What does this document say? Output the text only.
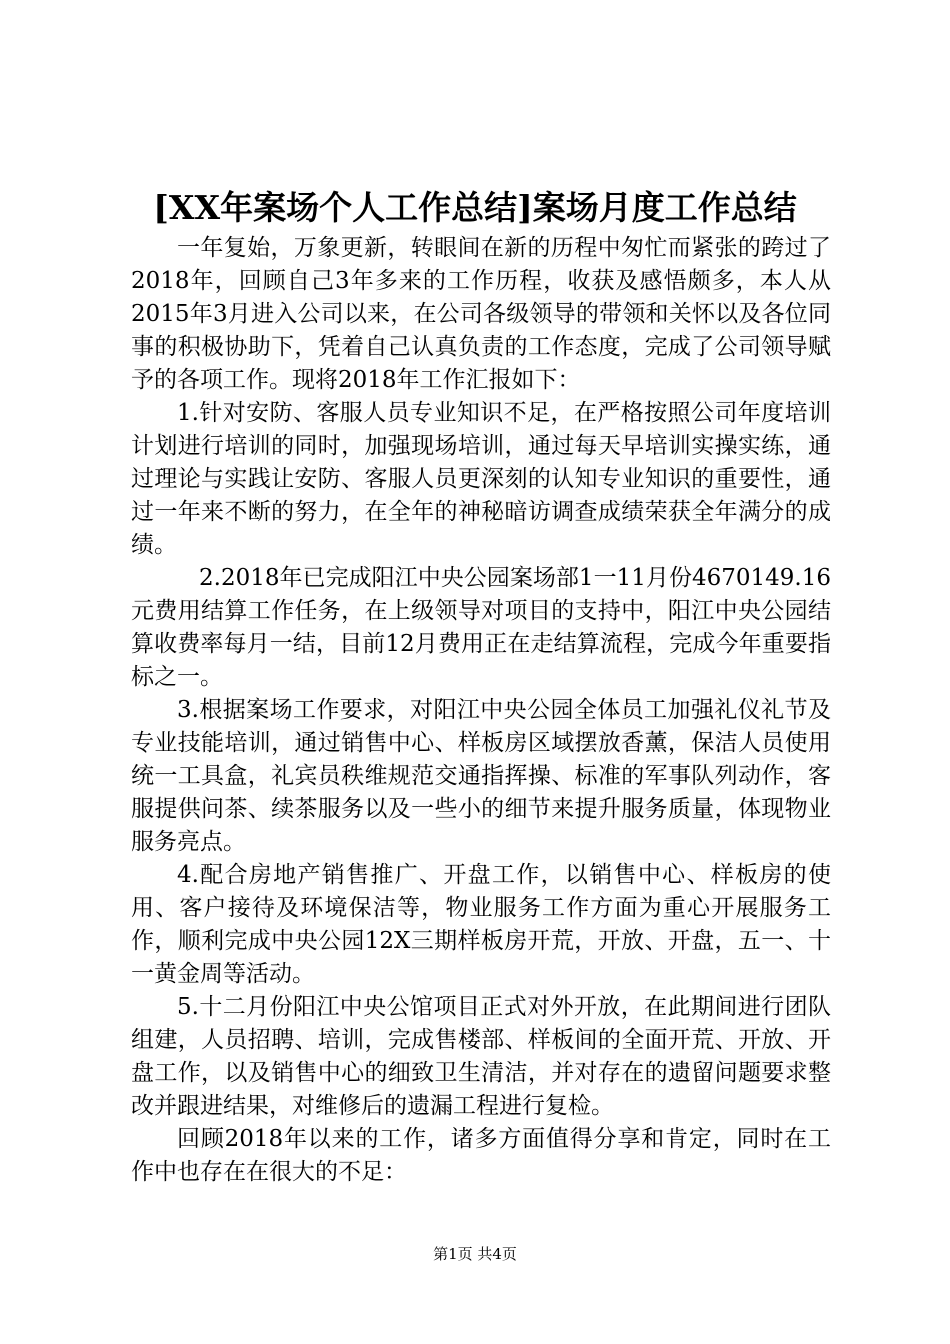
[XX年案场个人工作总结]案场月度工作总结

一年复始，万象更新，转眼间在新的历程中匆忙而紧张的跨过了2018年，回顾自己3年多来的工作历程，收获及感悟颇多，本人从2015年3月进入公司以来，在公司各级领导的带领和关怀以及各位同事的积极协助下，凭着自己认真负责的工作态度，完成了公司领导赋予的各项工作。现将2018年工作汇报如下：

1.针对安防、客服人员专业知识不足，在严格按照公司年度培训计划进行培训的同时，加强现场培训，通过每天早培训实操实练，通过理论与实践让安防、客服人员更深刻的认知专业知识的重要性，通过一年来不断的努力，在全年的神秘暗访调查成绩荣获全年满分的成绩。

2.2018年已完成阳江中央公园案场部1一11月份4670149.16元费用结算工作任务，在上级领导对项目的支持中，阳江中央公园结算收费率每月一结，目前12月费用正在走结算流程，完成今年重要指标之一。

3.根据案场工作要求，对阳江中央公园全体员工加强礼仪礼节及专业技能培训，通过销售中心、样板房区域摆放香薰，保洁人员使用统一工具盒，礼宾员秩维规范交通指挥操、标准的军事队列动作，客服提供问茶、续茶服务以及一些小的细节来提升服务质量，体现物业服务亮点。

4.配合房地产销售推广、开盘工作，以销售中心、样板房的使用、客户接待及环境保洁等，物业服务工作方面为重心开展服务工作，顺利完成中央公园12X三期样板房开荒，开放、开盘，五一、十一黄金周等活动。

5.十二月份阳江中央公馆项目正式对外开放，在此期间进行团队组建，人员招聘、培训，完成售楼部、样板间的全面开荒、开放、开盘工作，以及销售中心的细致卫生清洁，并对存在的遗留问题要求整改并跟进结果，对维修后的遗漏工程进行复检。

回顾2018年以来的工作，诸多方面值得分享和肯定，同时在工作中也存在在很大的不足：

第1页 共4页
